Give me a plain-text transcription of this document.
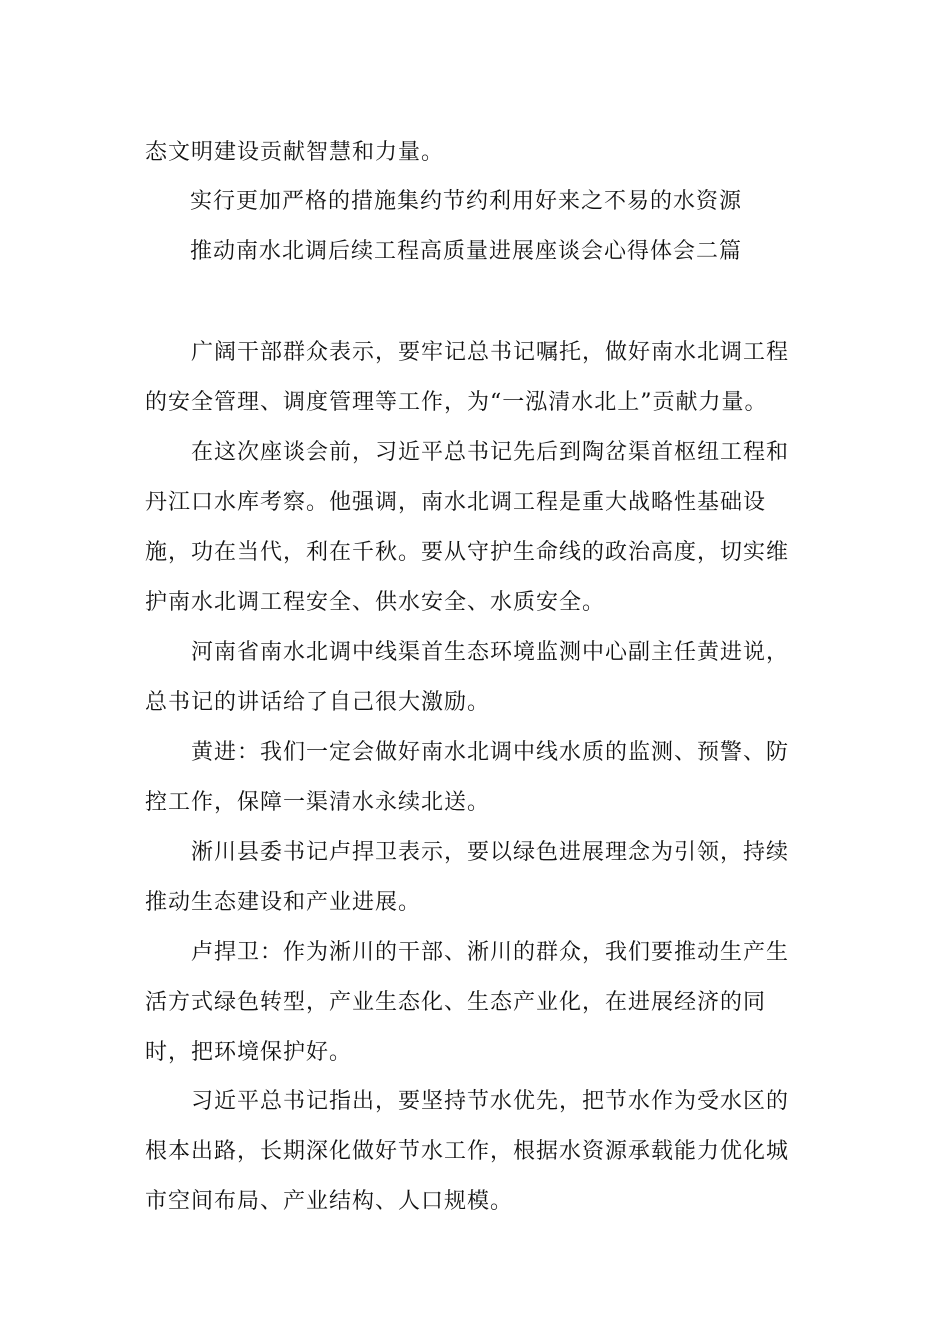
态文明建设贡献智慧和力量。

实行更加严格的措施集约节约利用好来之不易的水资源

推动南水北调后续工程高质量进展座谈会心得体会二篇

广阔干部群众表示，要牢记总书记嘱托，做好南水北调工程的安全管理、调度管理等工作，为“一泓清水北上”贡献力量。

在这次座谈会前，习近平总书记先后到陶岔渠首枢纽工程和丹江口水库考察。他强调，南水北调工程是重大战略性基础设施，功在当代，利在千秋。要从守护生命线的政治高度，切实维护南水北调工程安全、供水安全、水质安全。

河南省南水北调中线渠首生态环境监测中心副主任黄进说，总书记的讲话给了自己很大激励。

黄进：我们一定会做好南水北调中线水质的监测、预警、防控工作，保障一渠清水永续北送。

淅川县委书记卢捍卫表示，要以绿色进展理念为引领，持续推动生态建设和产业进展。

卢捍卫：作为淅川的干部、淅川的群众，我们要推动生产生活方式绿色转型，产业生态化、生态产业化，在进展经济的同时，把环境保护好。

习近平总书记指出，要坚持节水优先，把节水作为受水区的根本出路，长期深化做好节水工作，根据水资源承载能力优化城市空间布局、产业结构、人口规模。
